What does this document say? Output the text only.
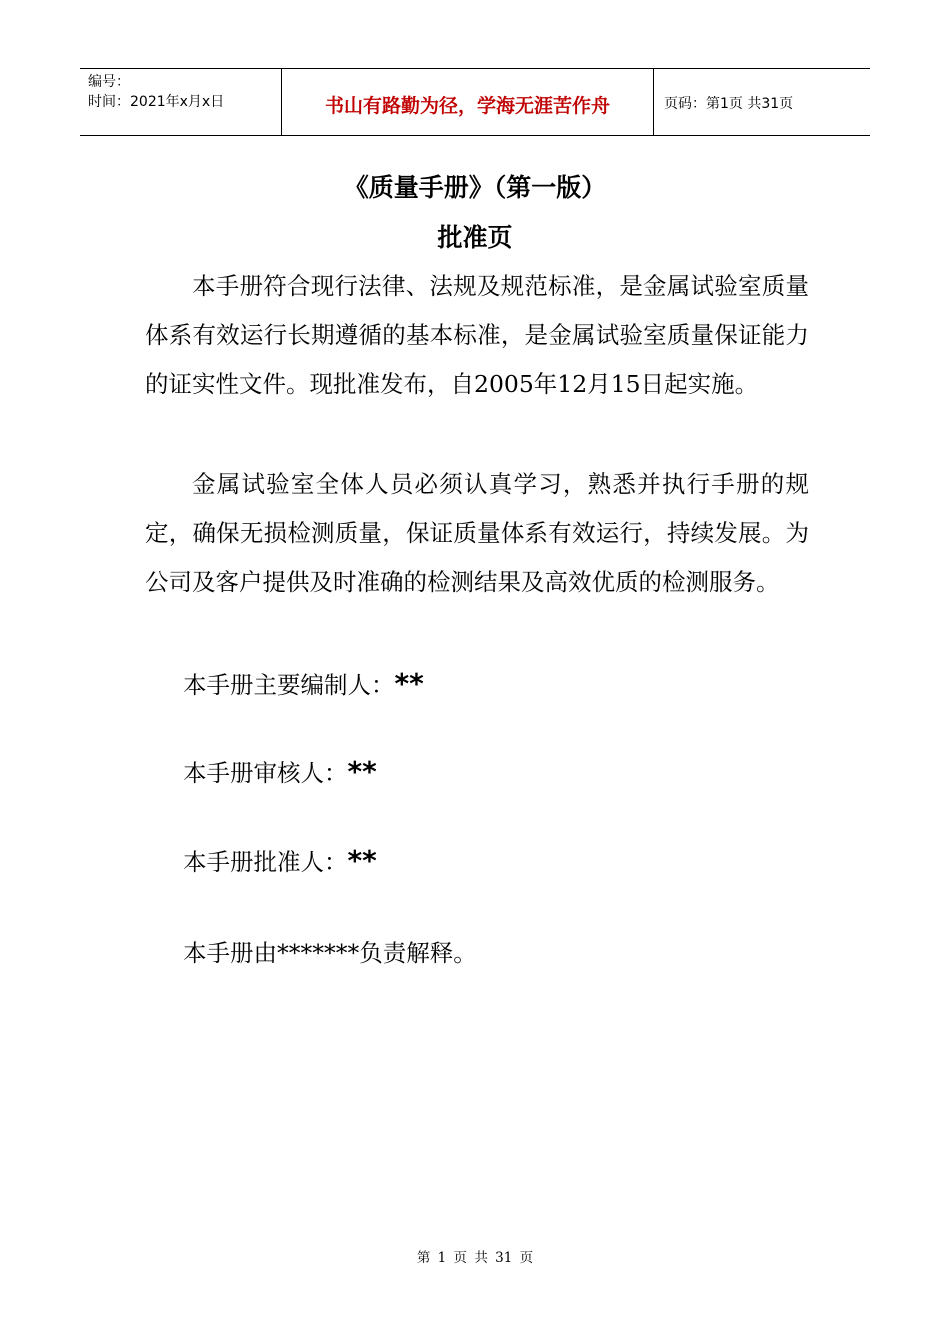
编号：
时间：2021年x月x日	书山有路勤为径，学海无涯苦作舟	页码：第1页 共31页
《质量手册》（第一版）
批准页

本手册符合现行法律、法规及规范标准，是金属试验室质量体系有效运行长期遵循的基本标准，是金属试验室质量保证能力的证实性文件。现批准发布，自2005年12月15日起实施。

金属试验室全体人员必须认真学习，熟悉并执行手册的规定，确保无损检测质量，保证质量体系有效运行，持续发展。为公司及客户提供及时准确的检测结果及高效优质的检测服务。

本手册主要编制人：**
本手册审核人：**
本手册批准人：**
本手册由*******负责解释。
第 1 页 共 31 页
